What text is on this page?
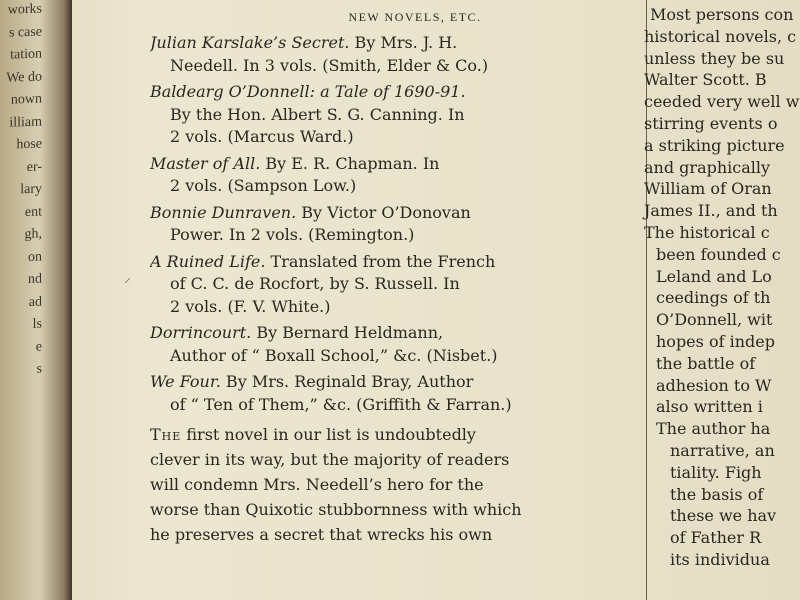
works
s case
tation
We do
nown
illiam
hose
er-
lary
ent
gh,
on
nd
ad
ls
e
s
⸝
NEW NOVELS, ETC.
Julian Karslake’s Secret. By Mrs. J. H.
Needell. In 3 vols. (Smith, Elder & Co.)
Baldearg O’Donnell: a Tale of 1690-91.
By the Hon. Albert S. G. Canning. In
2 vols. (Marcus Ward.)
Master of All. By E. R. Chapman. In
2 vols. (Sampson Low.)
Bonnie Dunraven. By Victor O’Donovan
Power. In 2 vols. (Remington.)
A Ruined Life. Translated from the French
of C. C. de Rocfort, by S. Russell. In
2 vols. (F. V. White.)
Dorrincourt. By Bernard Heldmann,
Author of “ Boxall School,” &c. (Nisbet.)
We Four. By Mrs. Reginald Bray, Author
of “ Ten of Them,” &c. (Griffith & Farran.)
The first novel in our list is undoubtedly
clever in its way, but the majority of readers
will condemn Mrs. Needell’s hero for the
worse than Quixotic stubbornness with which
he preserves a secret that wrecks his own
Most persons con
historical novels, c
unless they be su
Walter Scott. B
ceeded very well w
stirring events o
a striking picture
and graphically
William of Oran
James II., and th
The historical c
been founded c
Leland and Lo
ceedings of th
O’Donnell, wit
hopes of indep
the battle of
adhesion to W
also written i
The author ha
narrative, an
tiality. Figh
the basis of
these we hav
of Father R
its individua
